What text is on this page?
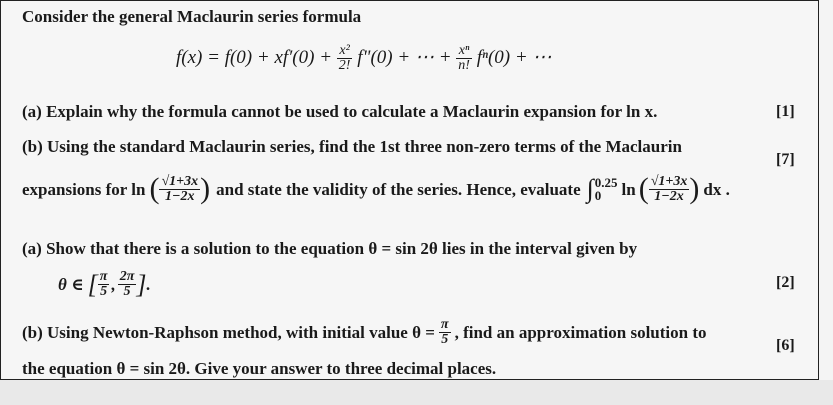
Consider the general Maclaurin series formula
$f(x) = f(0) + xf'(0) + \frac{\text{x²}}{2!}$ f"(0) + ⋯ + $\frac{\text{xⁿ}}{n!} f^n(0)$ + ⋯
(a) Explain why the formula cannot be used to calculate a Maclaurin expansion for ln x.	[1]
(b) Using the standard Maclaurin series, find the 1st three non-zero terms of the Maclaurin
[7]
expansions for ln ( $\frac{√1+3x}{1-2x}$ ) and state the validity of the series. Hence, evaluate ∫ 0.25
0	ln ( $\frac{√1+3x}{1-2x}$ ) dx .
(a) Show that there is a solution to the equation θ = sin 2θ lies in the interval given by
θ ∈ [ $\frac{\pi}{5}$ , $\frac{2\pi}{5}$ ] .	[2]
(b) Using Newton-Raphson method, with initial value $\theta = \frac{\pi}{5}$ , find an approximation solution to
[6]
the equation θ = sin 2θ. Give your answer to three decimal places.
